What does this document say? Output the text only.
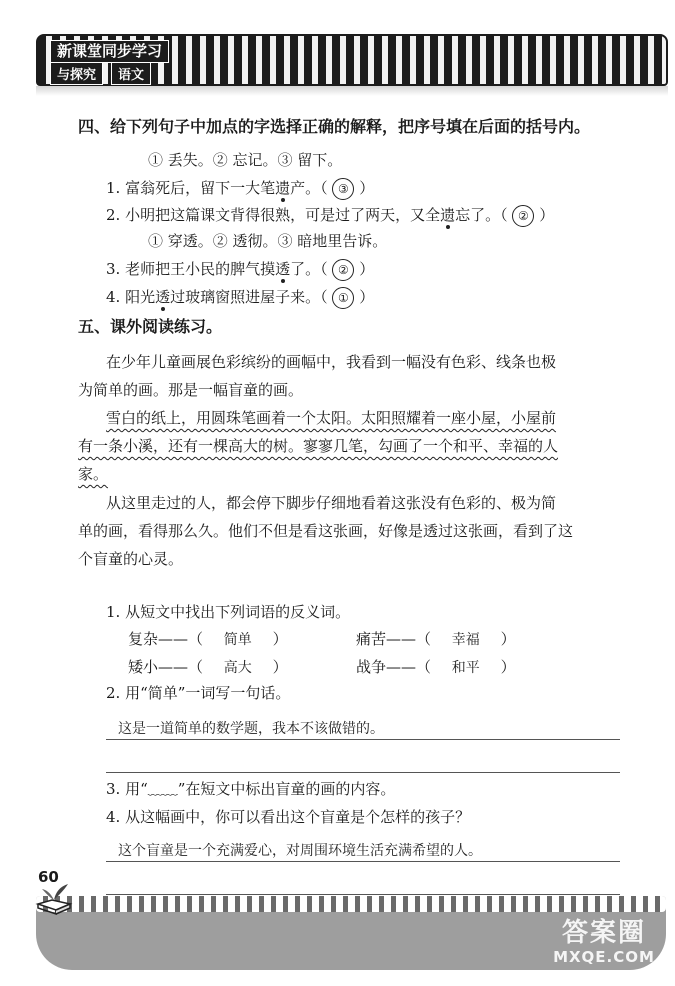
新课堂同步学习
与探究	语文
四、给下列句子中加点的字选择正确的解释，把序号填在后面的括号内。
① 丢失。② 忘记。③ 留下。
1. 富翁死后，留下一大笔遗产。（ ③ ）
2. 小明把这篇课文背得很熟，可是过了两天，又全遗忘了。（ ② ）
① 穿透。② 透彻。③ 暗地里告诉。
3. 老师把王小民的脾气摸透了。（ ② ）
4. 阳光透过玻璃窗照进屋子来。（ ① ）
五、课外阅读练习。
在少年儿童画展色彩缤纷的画幅中，我看到一幅没有色彩、线条也极
为简单的画。那是一幅盲童的画。
雪白的纸上，用圆珠笔画着一个太阳。太阳照耀着一座小屋，小屋前
有一条小溪，还有一棵高大的树。寥寥几笔，勾画了一个和平、幸福的人
家。
从这里走过的人，都会停下脚步仔细地看着这张没有色彩的、极为简
单的画，看得那么久。他们不但是看这张画，好像是透过这张画，看到了这
个盲童的心灵。
1. 从短文中找出下列词语的反义词。
复杂——（ 简单 ）	痛苦——（ 幸福 ）
矮小——（ 高大 ）	战争——（ 和平 ）
2. 用“简单”一词写一句话。
这是一道简单的数学题，我本不该做错的。
3. 用“﹏﹏”在短文中标出盲童的画的内容。
4. 从这幅画中，你可以看出这个盲童是个怎样的孩子？
这个盲童是一个充满爱心，对周围环境生活充满希望的人。
60
答案圈
MXQE.COM
